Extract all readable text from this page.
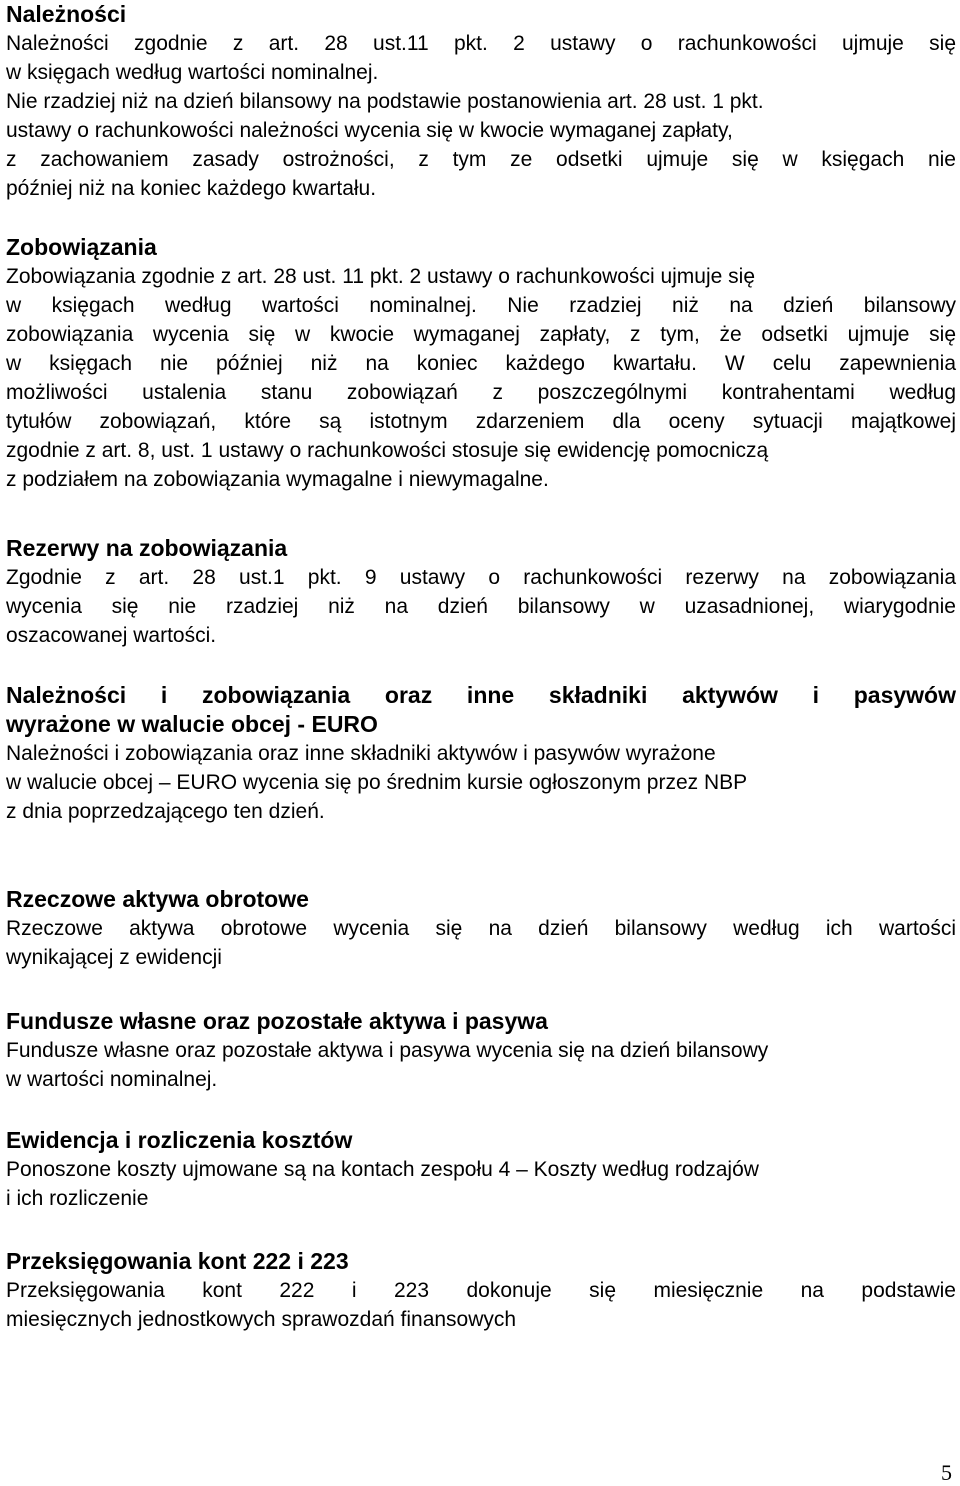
Należności
Należności zgodnie z art. 28 ust.11 pkt. 2 ustawy o rachunkowości ujmuje się
w księgach według wartości nominalnej.
Nie rzadziej niż na dzień bilansowy na podstawie postanowienia art. 28 ust. 1 pkt.
ustawy o rachunkowości należności wycenia się w kwocie wymaganej zapłaty,
z zachowaniem zasady ostrożności, z tym ze odsetki ujmuje się w księgach nie
później niż na koniec każdego kwartału.
Zobowiązania
Zobowiązania zgodnie z art. 28 ust. 11 pkt. 2 ustawy o rachunkowości ujmuje się
w księgach według wartości nominalnej. Nie rzadziej niż na dzień bilansowy
zobowiązania wycenia się w kwocie wymaganej zapłaty, z tym, że odsetki ujmuje się
w księgach nie później niż na koniec każdego kwartału. W celu zapewnienia
możliwości ustalenia stanu zobowiązań z poszczególnymi kontrahentami według
tytułów zobowiązań, które są istotnym zdarzeniem dla oceny sytuacji majątkowej
zgodnie z art. 8, ust. 1 ustawy o rachunkowości stosuje się ewidencję pomocniczą
z podziałem na zobowiązania wymagalne i niewymagalne.
Rezerwy na zobowiązania
Zgodnie z art. 28 ust.1 pkt. 9 ustawy o rachunkowości rezerwy na zobowiązania
wycenia się nie rzadziej niż na dzień bilansowy w uzasadnionej, wiarygodnie
oszacowanej wartości.
Należności i zobowiązania oraz inne składniki aktywów i pasywów
wyrażone w walucie obcej - EURO
Należności i zobowiązania oraz inne składniki aktywów i pasywów wyrażone
w walucie obcej – EURO wycenia się po średnim kursie ogłoszonym przez NBP
z dnia poprzedzającego ten dzień.
Rzeczowe aktywa obrotowe
Rzeczowe aktywa obrotowe wycenia się na dzień bilansowy według ich wartości
wynikającej z ewidencji
Fundusze własne oraz pozostałe aktywa i pasywa
Fundusze własne oraz pozostałe aktywa i pasywa wycenia się na dzień bilansowy
w wartości nominalnej.
Ewidencja i rozliczenia kosztów
Ponoszone koszty ujmowane są na kontach zespołu 4 – Koszty według rodzajów
i ich rozliczenie
Przeksięgowania kont 222 i 223
Przeksięgowania kont 222 i 223 dokonuje się miesięcznie na podstawie
miesięcznych jednostkowych sprawozdań finansowych
5
